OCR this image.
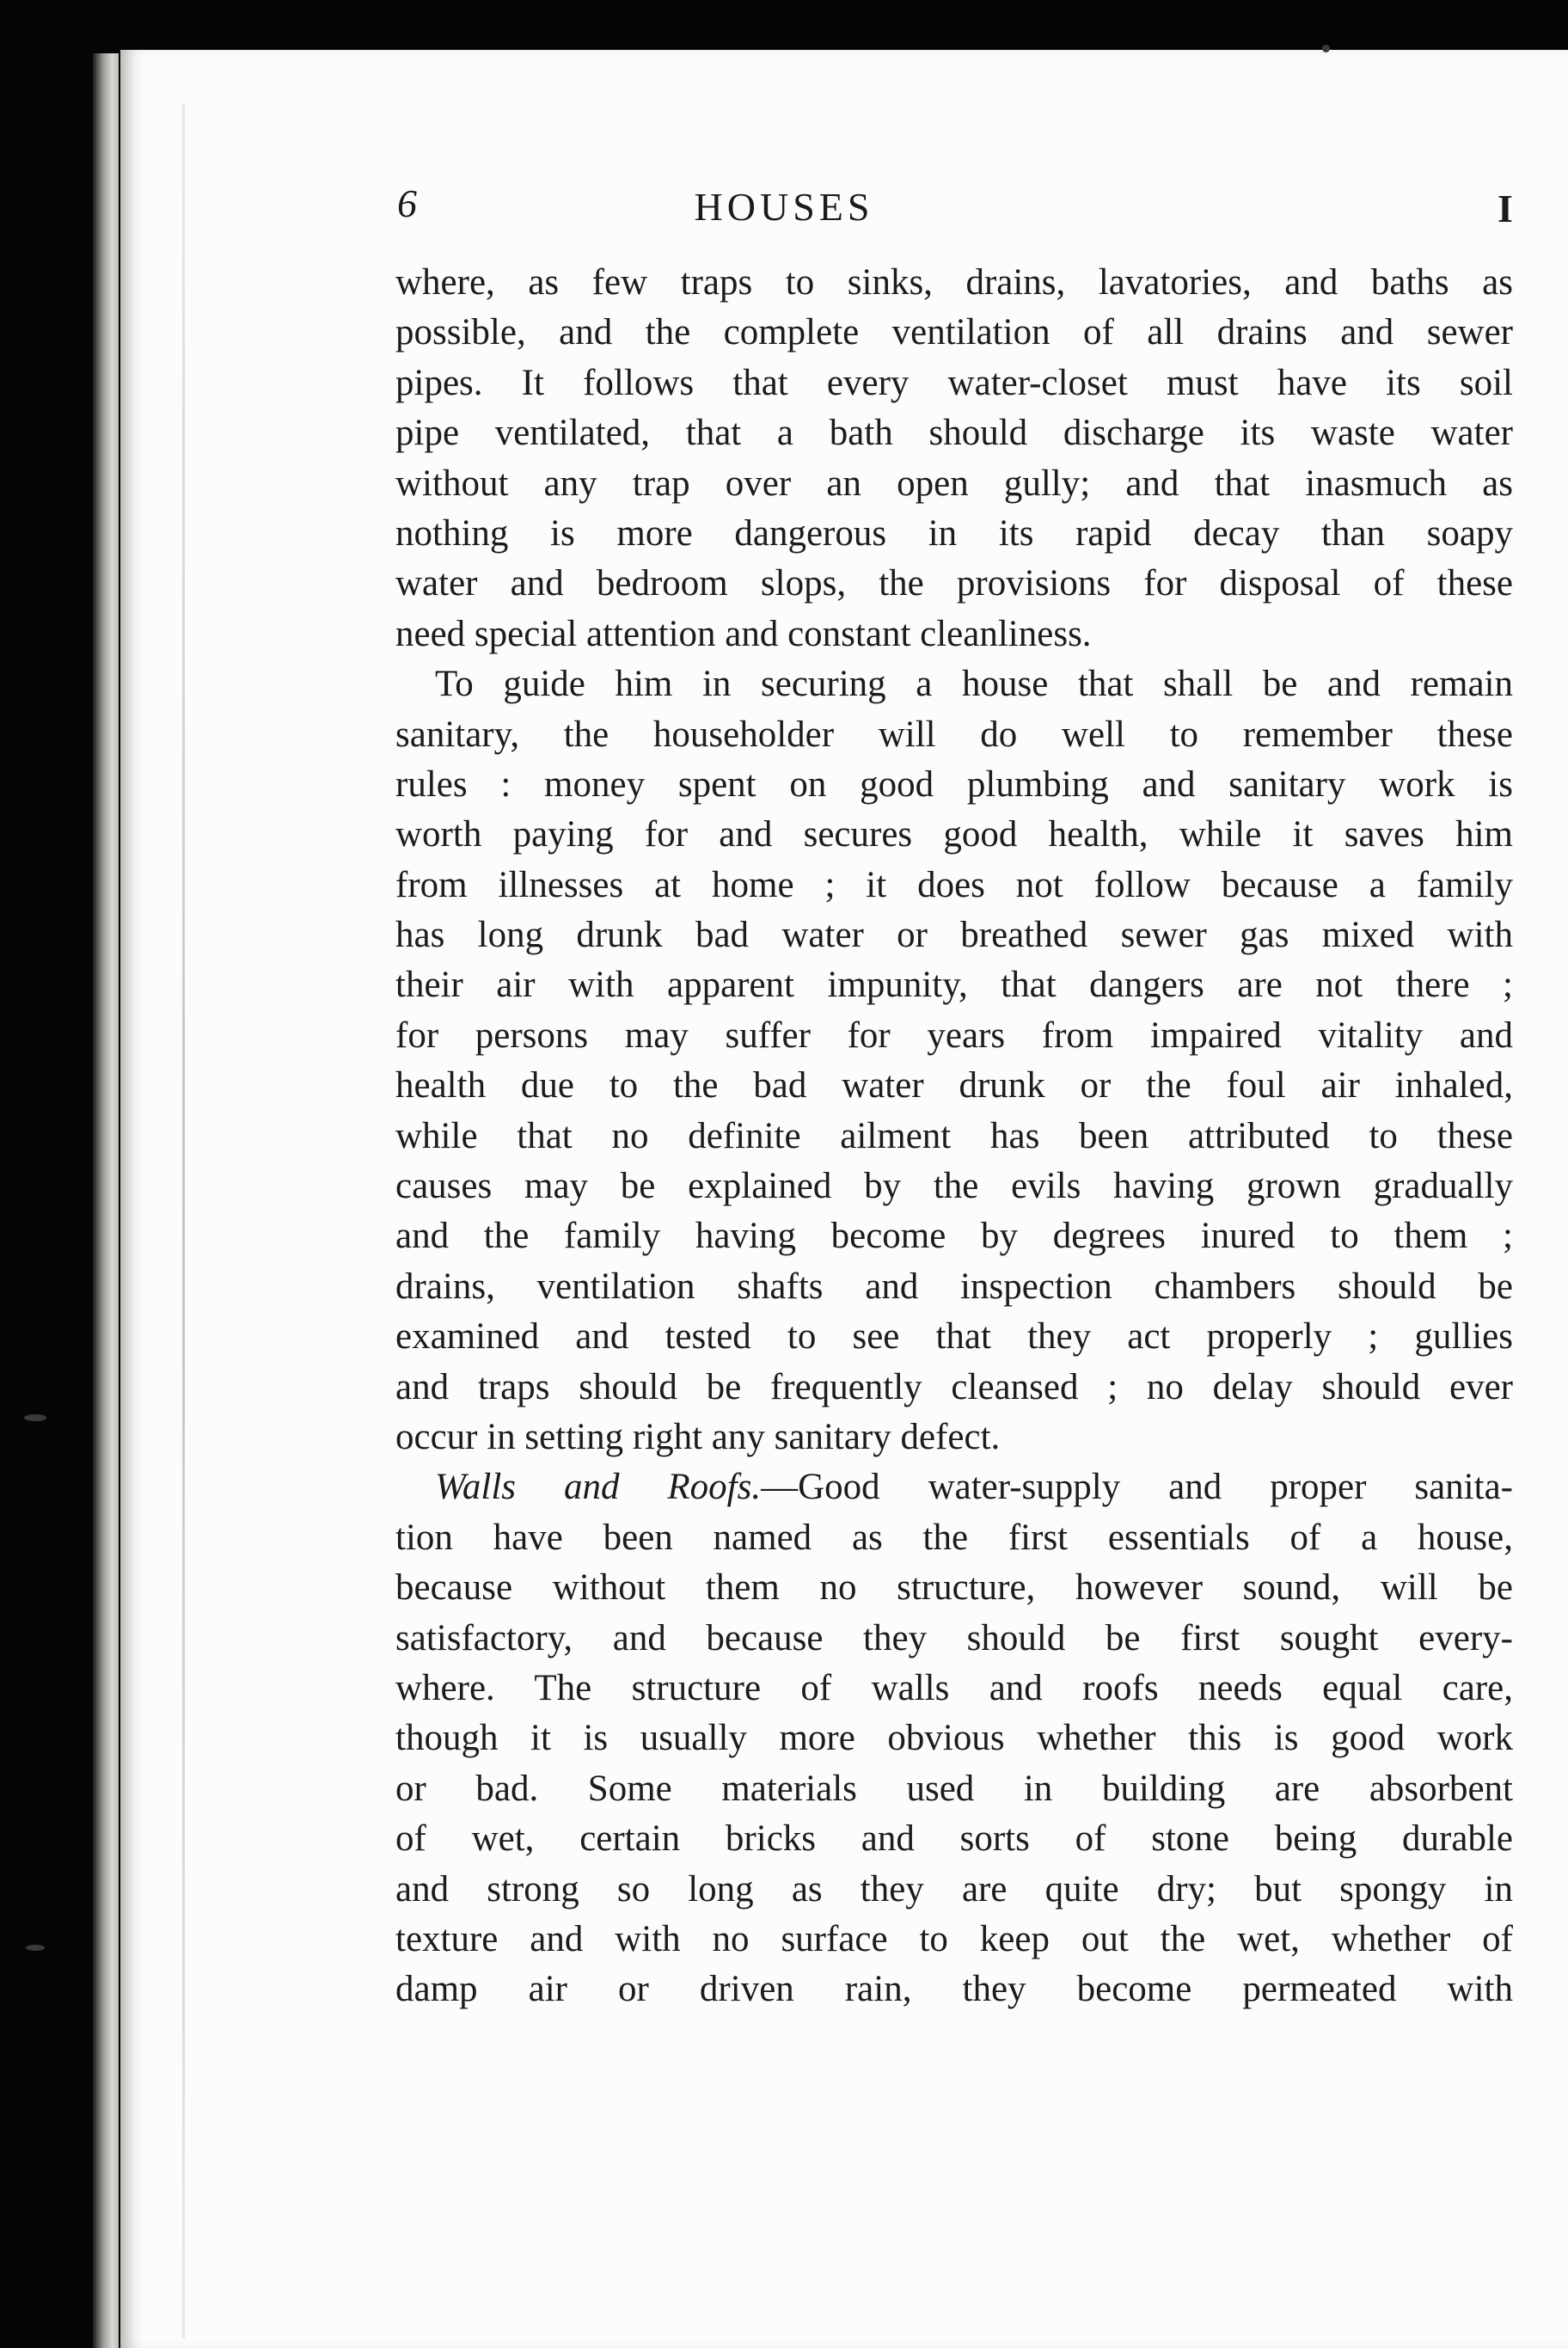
6	HOUSES	I
where, as few traps to sinks, drains, lavatories, and baths as
possible, and the complete ventilation of all drains and sewer
pipes. It follows that every water-closet must have its soil
pipe ventilated, that a bath should discharge its waste water
without any trap over an open gully; and that inasmuch as
nothing is more dangerous in its rapid decay than soapy
water and bedroom slops, the provisions for disposal of these
need special attention and constant cleanliness.
To guide him in securing a house that shall be and remain
sanitary, the householder will do well to remember these
rules : money spent on good plumbing and sanitary work is
worth paying for and secures good health, while it saves him
from illnesses at home ; it does not follow because a family
has long drunk bad water or breathed sewer gas mixed with
their air with apparent impunity, that dangers are not there ;
for persons may suffer for years from impaired vitality and
health due to the bad water drunk or the foul air inhaled,
while that no definite ailment has been attributed to these
causes may be explained by the evils having grown gradually
and the family having become by degrees inured to them ;
drains, ventilation shafts and inspection chambers should be
examined and tested to see that they act properly ; gullies
and traps should be frequently cleansed ; no delay should ever
occur in setting right any sanitary defect.
Walls and Roofs.—Good water-supply and proper sanita-
tion have been named as the first essentials of a house,
because without them no structure, however sound, will be
satisfactory, and because they should be first sought every-
where. The structure of walls and roofs needs equal care,
though it is usually more obvious whether this is good work
or bad. Some materials used in building are absorbent
of wet, certain bricks and sorts of stone being durable
and strong so long as they are quite dry; but spongy in
texture and with no surface to keep out the wet, whether of
damp air or driven rain, they become permeated with
